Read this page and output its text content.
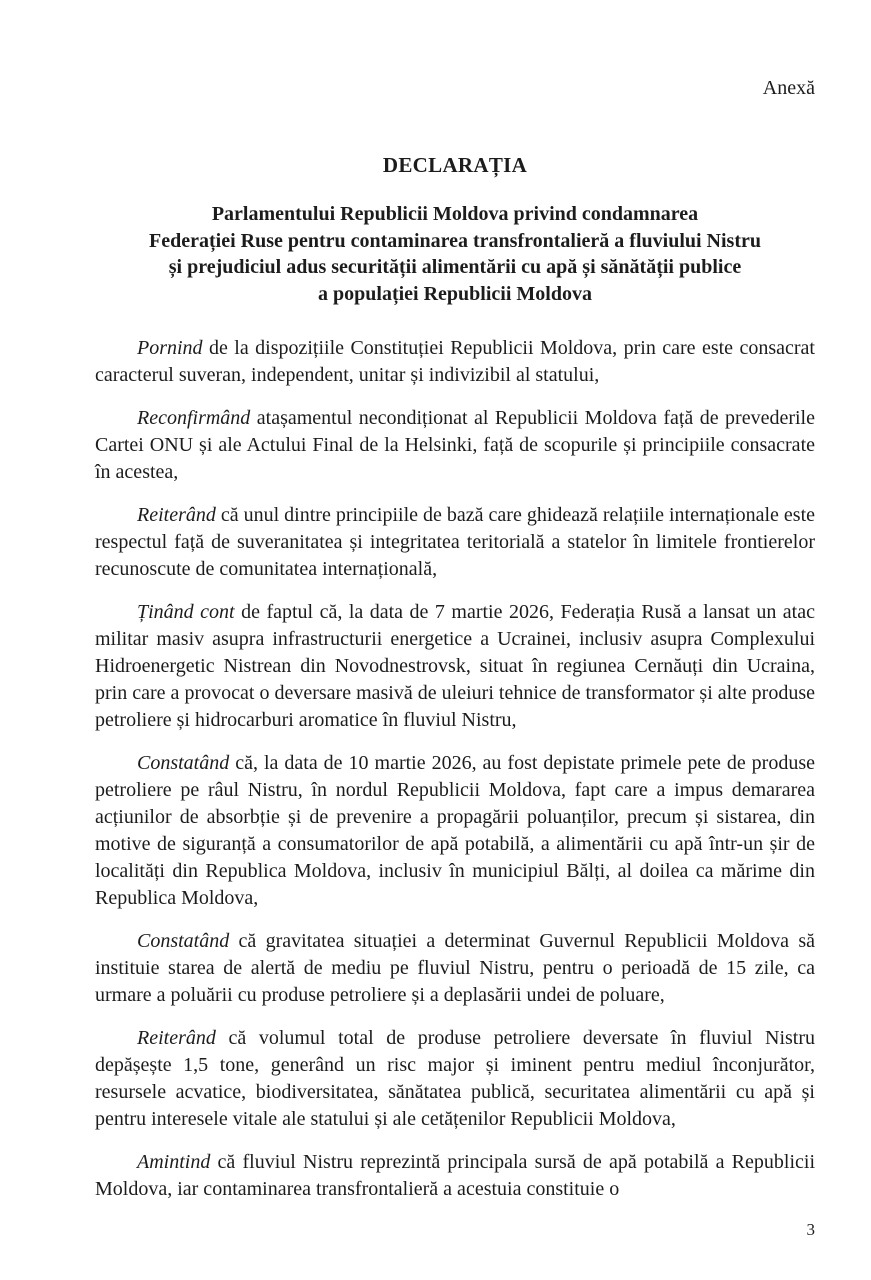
Anexă
DECLARAȚIA
Parlamentului Republicii Moldova privind condamnarea
Federației Ruse pentru contaminarea transfrontalieră a fluviului Nistru
și prejudiciul adus securității alimentării cu apă și sănătății publice
a populației Republicii Moldova

Pornind de la dispozițiile Constituției Republicii Moldova, prin care este consacrat caracterul suveran, independent, unitar și indivizibil al statului,

Reconfirmând atașamentul necondiționat al Republicii Moldova față de prevederile Cartei ONU și ale Actului Final de la Helsinki, față de scopurile și principiile consacrate în acestea,

Reiterând că unul dintre principiile de bază care ghidează relațiile internaționale este respectul față de suveranitatea și integritatea teritorială a statelor în limitele frontierelor recunoscute de comunitatea internațională,

Ținând cont de faptul că, la data de 7 martie 2026, Federația Rusă a lansat un atac militar masiv asupra infrastructurii energetice a Ucrainei, inclusiv asupra Complexului Hidroenergetic Nistrean din Novodnestrovsk, situat în regiunea Cernăuți din Ucraina, prin care a provocat o deversare masivă de uleiuri tehnice de transformator și alte produse petroliere și hidrocarburi aromatice în fluviul Nistru,

Constatând că, la data de 10 martie 2026, au fost depistate primele pete de produse petroliere pe râul Nistru, în nordul Republicii Moldova, fapt care a impus demararea acțiunilor de absorbție și de prevenire a propagării poluanților, precum și sistarea, din motive de siguranță a consumatorilor de apă potabilă, a alimentării cu apă într-un șir de localități din Republica Moldova, inclusiv în municipiul Bălți, al doilea ca mărime din Republica Moldova,

Constatând că gravitatea situației a determinat Guvernul Republicii Moldova să instituie starea de alertă de mediu pe fluviul Nistru, pentru o perioadă de 15 zile, ca urmare a poluării cu produse petroliere și a deplasării undei de poluare,

Reiterând că volumul total de produse petroliere deversate în fluviul Nistru depășește 1,5 tone, generând un risc major și iminent pentru mediul înconjurător, resursele acvatice, biodiversitatea, sănătatea publică, securitatea alimentării cu apă și pentru interesele vitale ale statului și ale cetățenilor Republicii Moldova,

Amintind că fluviul Nistru reprezintă principala sursă de apă potabilă a Republicii Moldova, iar contaminarea transfrontalieră a acestuia constituie o

3
